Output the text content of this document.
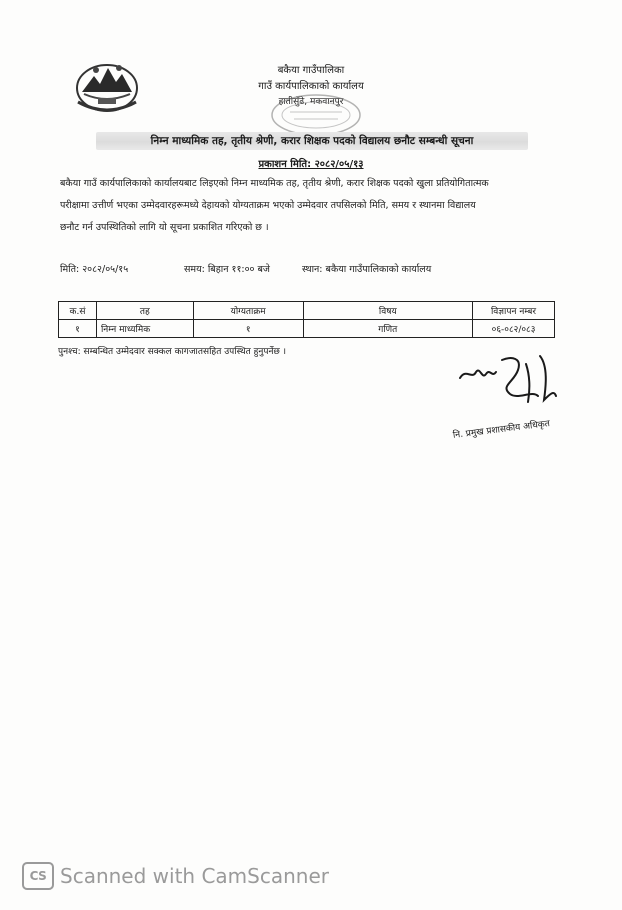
बकैया गाउँपालिका
गाउँ कार्यपालिकाको कार्यालय
हातीसुँढे, मकवानपुर
निम्न माध्यमिक तह, तृतीय श्रेणी, करार शिक्षक पदको विद्यालय छनौट सम्बन्धी सूचना
प्रकाशन मिति: २०८२/०५/१३
बकैया गाउँ कार्यपालिकाको कार्यालयबाट लिइएको निम्न माध्यमिक तह, तृतीय श्रेणी, करार शिक्षक पदको खुला प्रतियोगितात्मक
परीक्षामा उत्तीर्ण भएका उम्मेदवारहरूमध्ये देहायको योग्यताक्रम भएको उम्मेदवार तपसिलको मिति, समय र स्थानमा विद्यालय
छनौट गर्न उपस्थितिको लागि यो सूचना प्रकाशित गरिएको छ ।
मिति: २०८२/०५/१५	समय: बिहान ११:०० बजे	स्थान: बकैया गाउँपालिकाको कार्यालय
क.सं	तह	योग्यताक्रम	विषय	विज्ञापन नम्बर
१	निम्न माध्यमिक	१	गणित	०६-०८२/०८३
पुनश्च: सम्बन्धित उम्मेदवार सक्कल कागजातसहित उपस्थित हुनुपर्नेछ ।
नि. प्रमुख प्रशासकीय अधिकृत
CS Scanned with CamScanner
